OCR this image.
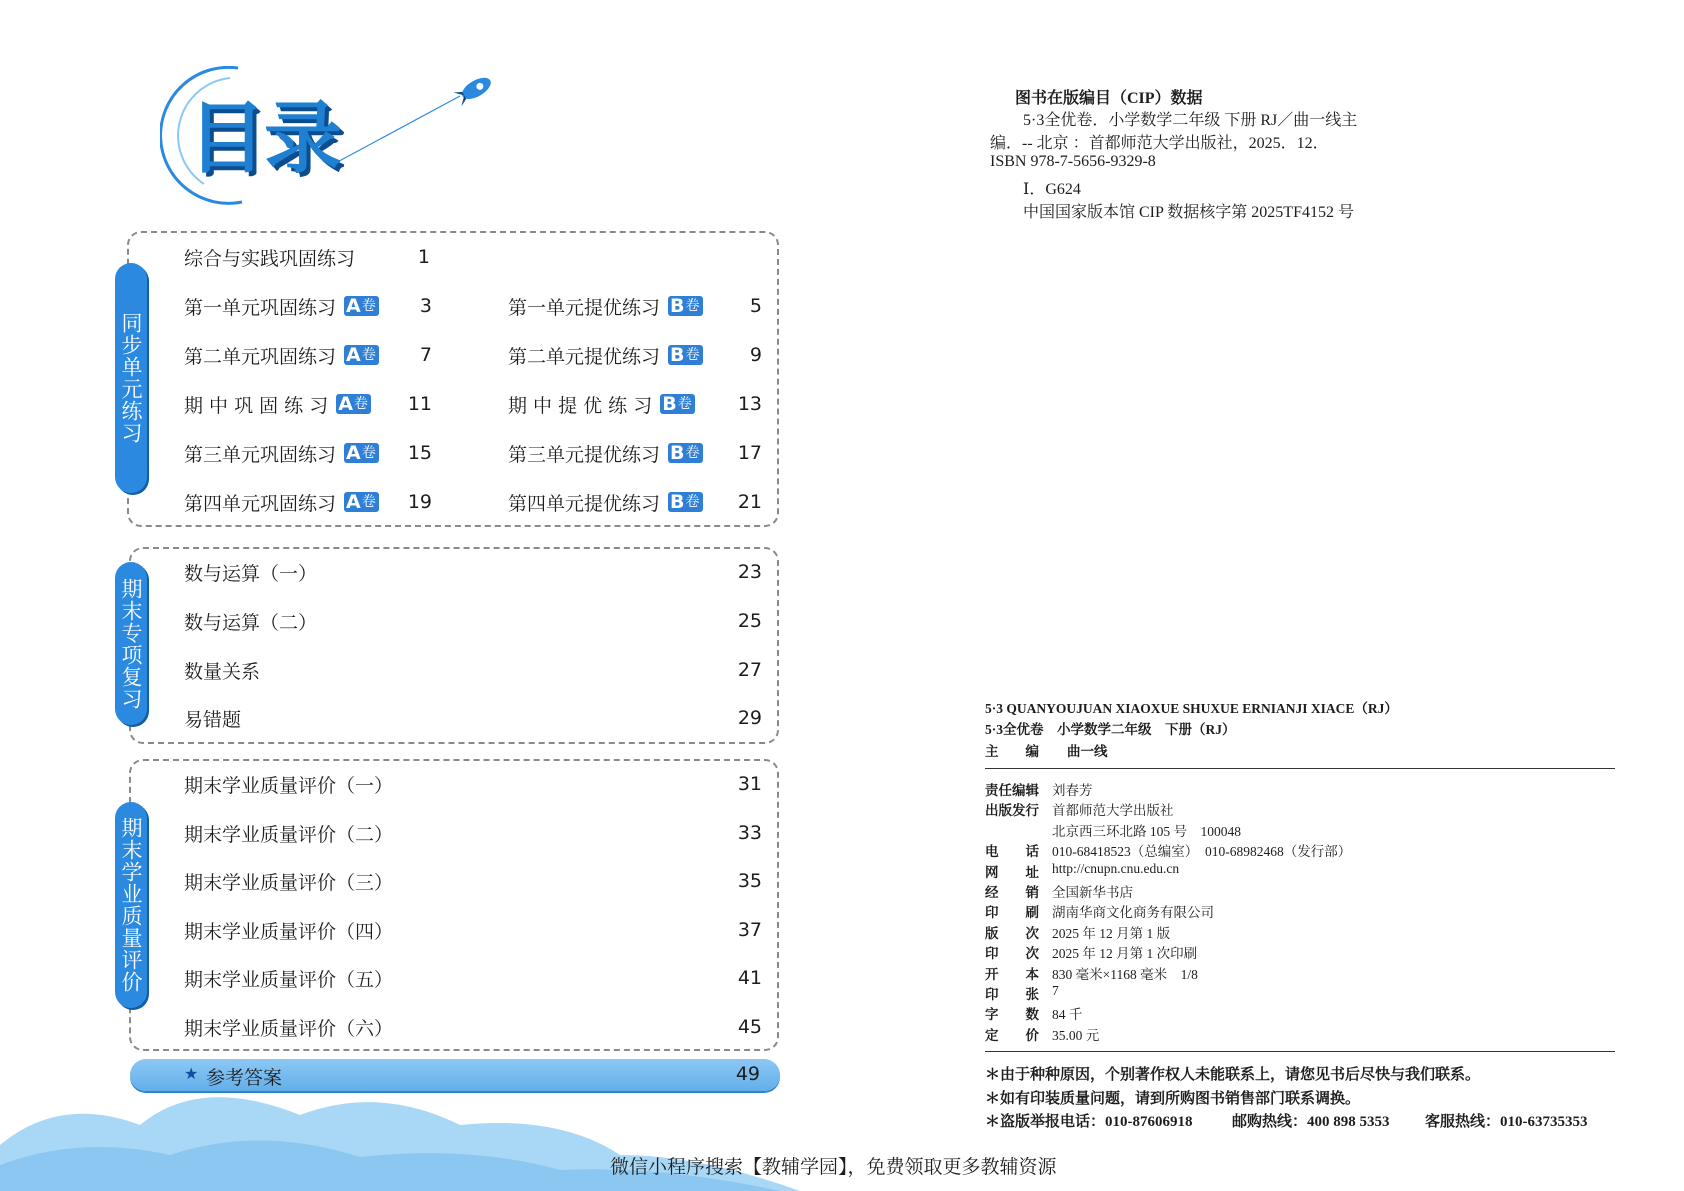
目录
同步单元练习
综合与实践巩固练习	1
第一单元巩固练习 A 卷	3	第一单元提优练习 B 卷	5
第二单元巩固练习 A 卷	7	第二单元提优练习 B 卷	9
期 中 巩 固 练 习 A 卷	11	期 中 提 优 练 习 B 卷	13
第三单元巩固练习 A 卷	15	第三单元提优练习 B 卷	17
第四单元巩固练习 A 卷	19	第四单元提优练习 B 卷	21
期末专项复习
数与运算（一）	23
数与运算（二）	25
数量关系	27
易错题	29
期末学业质量评价
期末学业质量评价（一）	31
期末学业质量评价（二）	33
期末学业质量评价（三）	35
期末学业质量评价（四）	37
期末学业质量评价（五）	41
期末学业质量评价（六）	45
★ 参考答案	49
微信小程序搜索【教辅学园】，免费领取更多教辅资源
图书在版编目（CIP）数据
5·3全优卷．小学数学二年级 下册 RJ／曲一线主
编．-- 北京 ：首都师范大学出版社，2025．12．
ISBN 978-7-5656-9329-8
Ⅰ．G624
中国国家版本馆 CIP 数据核字第 2025TF4152 号
5·3 QUANYOUJUAN XIAOXUE SHUXUE ERNIANJI XIACE（RJ）
5·3全优卷　小学数学二年级　下册（RJ）
主　　编 曲一线
责任编辑 刘春芳
出版发行 首都师范大学出版社
北京西三环北路 105 号　100048
电　　话 010-68418523（总编室）　010-68982468（发行部）
网　　址 http://cnupn.cnu.edu.cn
经　　销 全国新华书店
印　　刷 湖南华商文化商务有限公司
版　　次 2025 年 12 月第 1 版
印　　次 2025 年 12 月第 1 次印刷
开　　本 830 毫米×1168 毫米　1/8
印　　张 7
字　　数 84 千
定　　价 35.00 元
＊由于种种原因，个别著作权人未能联系上，请您见书后尽快与我们联系。
＊如有印装质量问题，请到所购图书销售部门联系调换。
＊盗版举报电话：010-87606918	邮购热线：400 898 5353 客服热线：010-63735353
